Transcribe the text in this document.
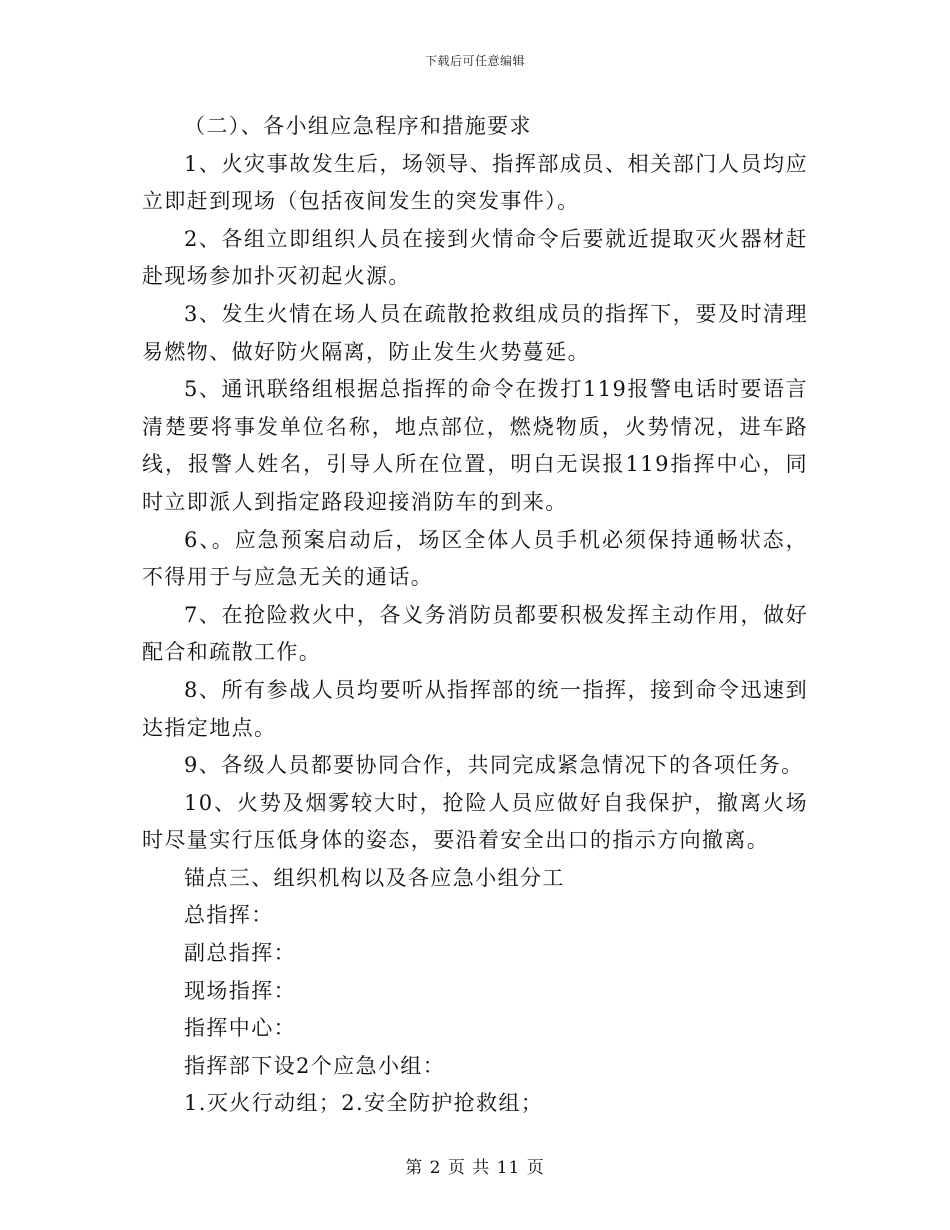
下载后可任意编辑

（二）、各小组应急程序和措施要求

1、火灾事故发生后，场领导、指挥部成员、相关部门人员均应立即赶到现场（包括夜间发生的突发事件）。

2、各组立即组织人员在接到火情命令后要就近提取灭火器材赶赴现场参加扑灭初起火源。

3、发生火情在场人员在疏散抢救组成员的指挥下，要及时清理易燃物、做好防火隔离，防止发生火势蔓延。

5、通讯联络组根据总指挥的命令在拨打119报警电话时要语言清楚要将事发单位名称，地点部位，燃烧物质，火势情况，进车路线，报警人姓名，引导人所在位置，明白无误报119指挥中心，同时立即派人到指定路段迎接消防车的到来。

6、。应急预案启动后，场区全体人员手机必须保持通畅状态，不得用于与应急无关的通话。

7、在抢险救火中，各义务消防员都要积极发挥主动作用，做好配合和疏散工作。

8、所有参战人员均要听从指挥部的统一指挥，接到命令迅速到达指定地点。

9、各级人员都要协同合作，共同完成紧急情况下的各项任务。

10、火势及烟雾较大时，抢险人员应做好自我保护，撤离火场时尽量实行压低身体的姿态，要沿着安全出口的指示方向撤离。

锚点三、组织机构以及各应急小组分工

总指挥：

副总指挥：

现场指挥：

指挥中心：

指挥部下设2个应急小组：

1.灭火行动组；2.安全防护抢救组；

第 2 页 共 11 页
